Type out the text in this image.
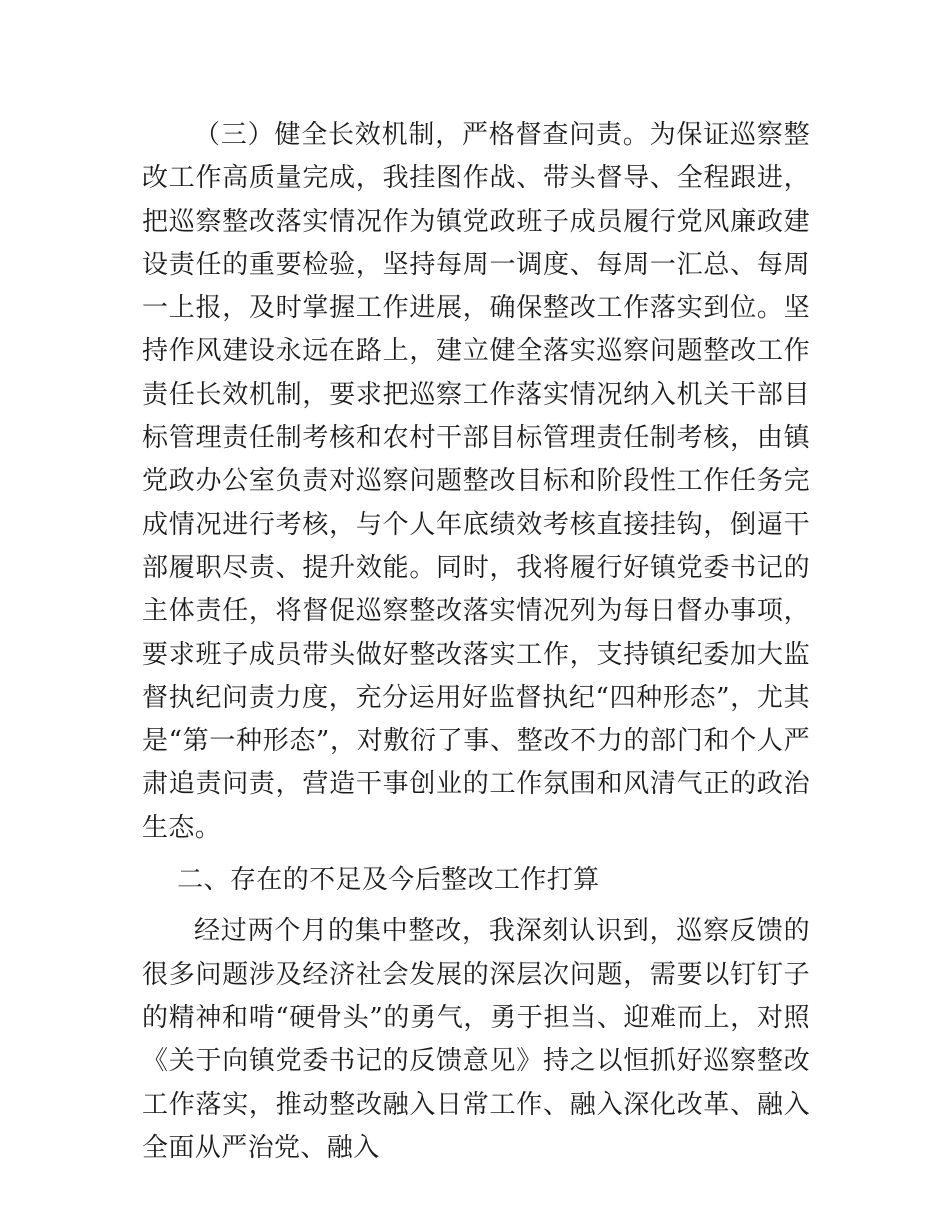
（三）健全长效机制，严格督查问责。为保证巡察整改工作高质量完成，我挂图作战、带头督导、全程跟进，把巡察整改落实情况作为镇党政班子成员履行党风廉政建设责任的重要检验，坚持每周一调度、每周一汇总、每周一上报，及时掌握工作进展，确保整改工作落实到位。坚持作风建设永远在路上，建立健全落实巡察问题整改工作责任长效机制，要求把巡察工作落实情况纳入机关干部目标管理责任制考核和农村干部目标管理责任制考核，由镇党政办公室负责对巡察问题整改目标和阶段性工作任务完成情况进行考核，与个人年底绩效考核直接挂钩，倒逼干部履职尽责、提升效能。同时，我将履行好镇党委书记的主体责任，将督促巡察整改落实情况列为每日督办事项，要求班子成员带头做好整改落实工作，支持镇纪委加大监督执纪问责力度，充分运用好监督执纪“四种形态”，尤其是“第一种形态”，对敷衍了事、整改不力的部门和个人严肃追责问责，营造干事创业的工作氛围和风清气正的政治生态。

二、存在的不足及今后整改工作打算

经过两个月的集中整改，我深刻认识到，巡察反馈的很多问题涉及经济社会发展的深层次问题，需要以钉钉子的精神和啃“硬骨头”的勇气，勇于担当、迎难而上，对照《关于向镇党委书记的反馈意见》持之以恒抓好巡察整改工作落实，推动整改融入日常工作、融入深化改革、融入全面从严治党、融入
